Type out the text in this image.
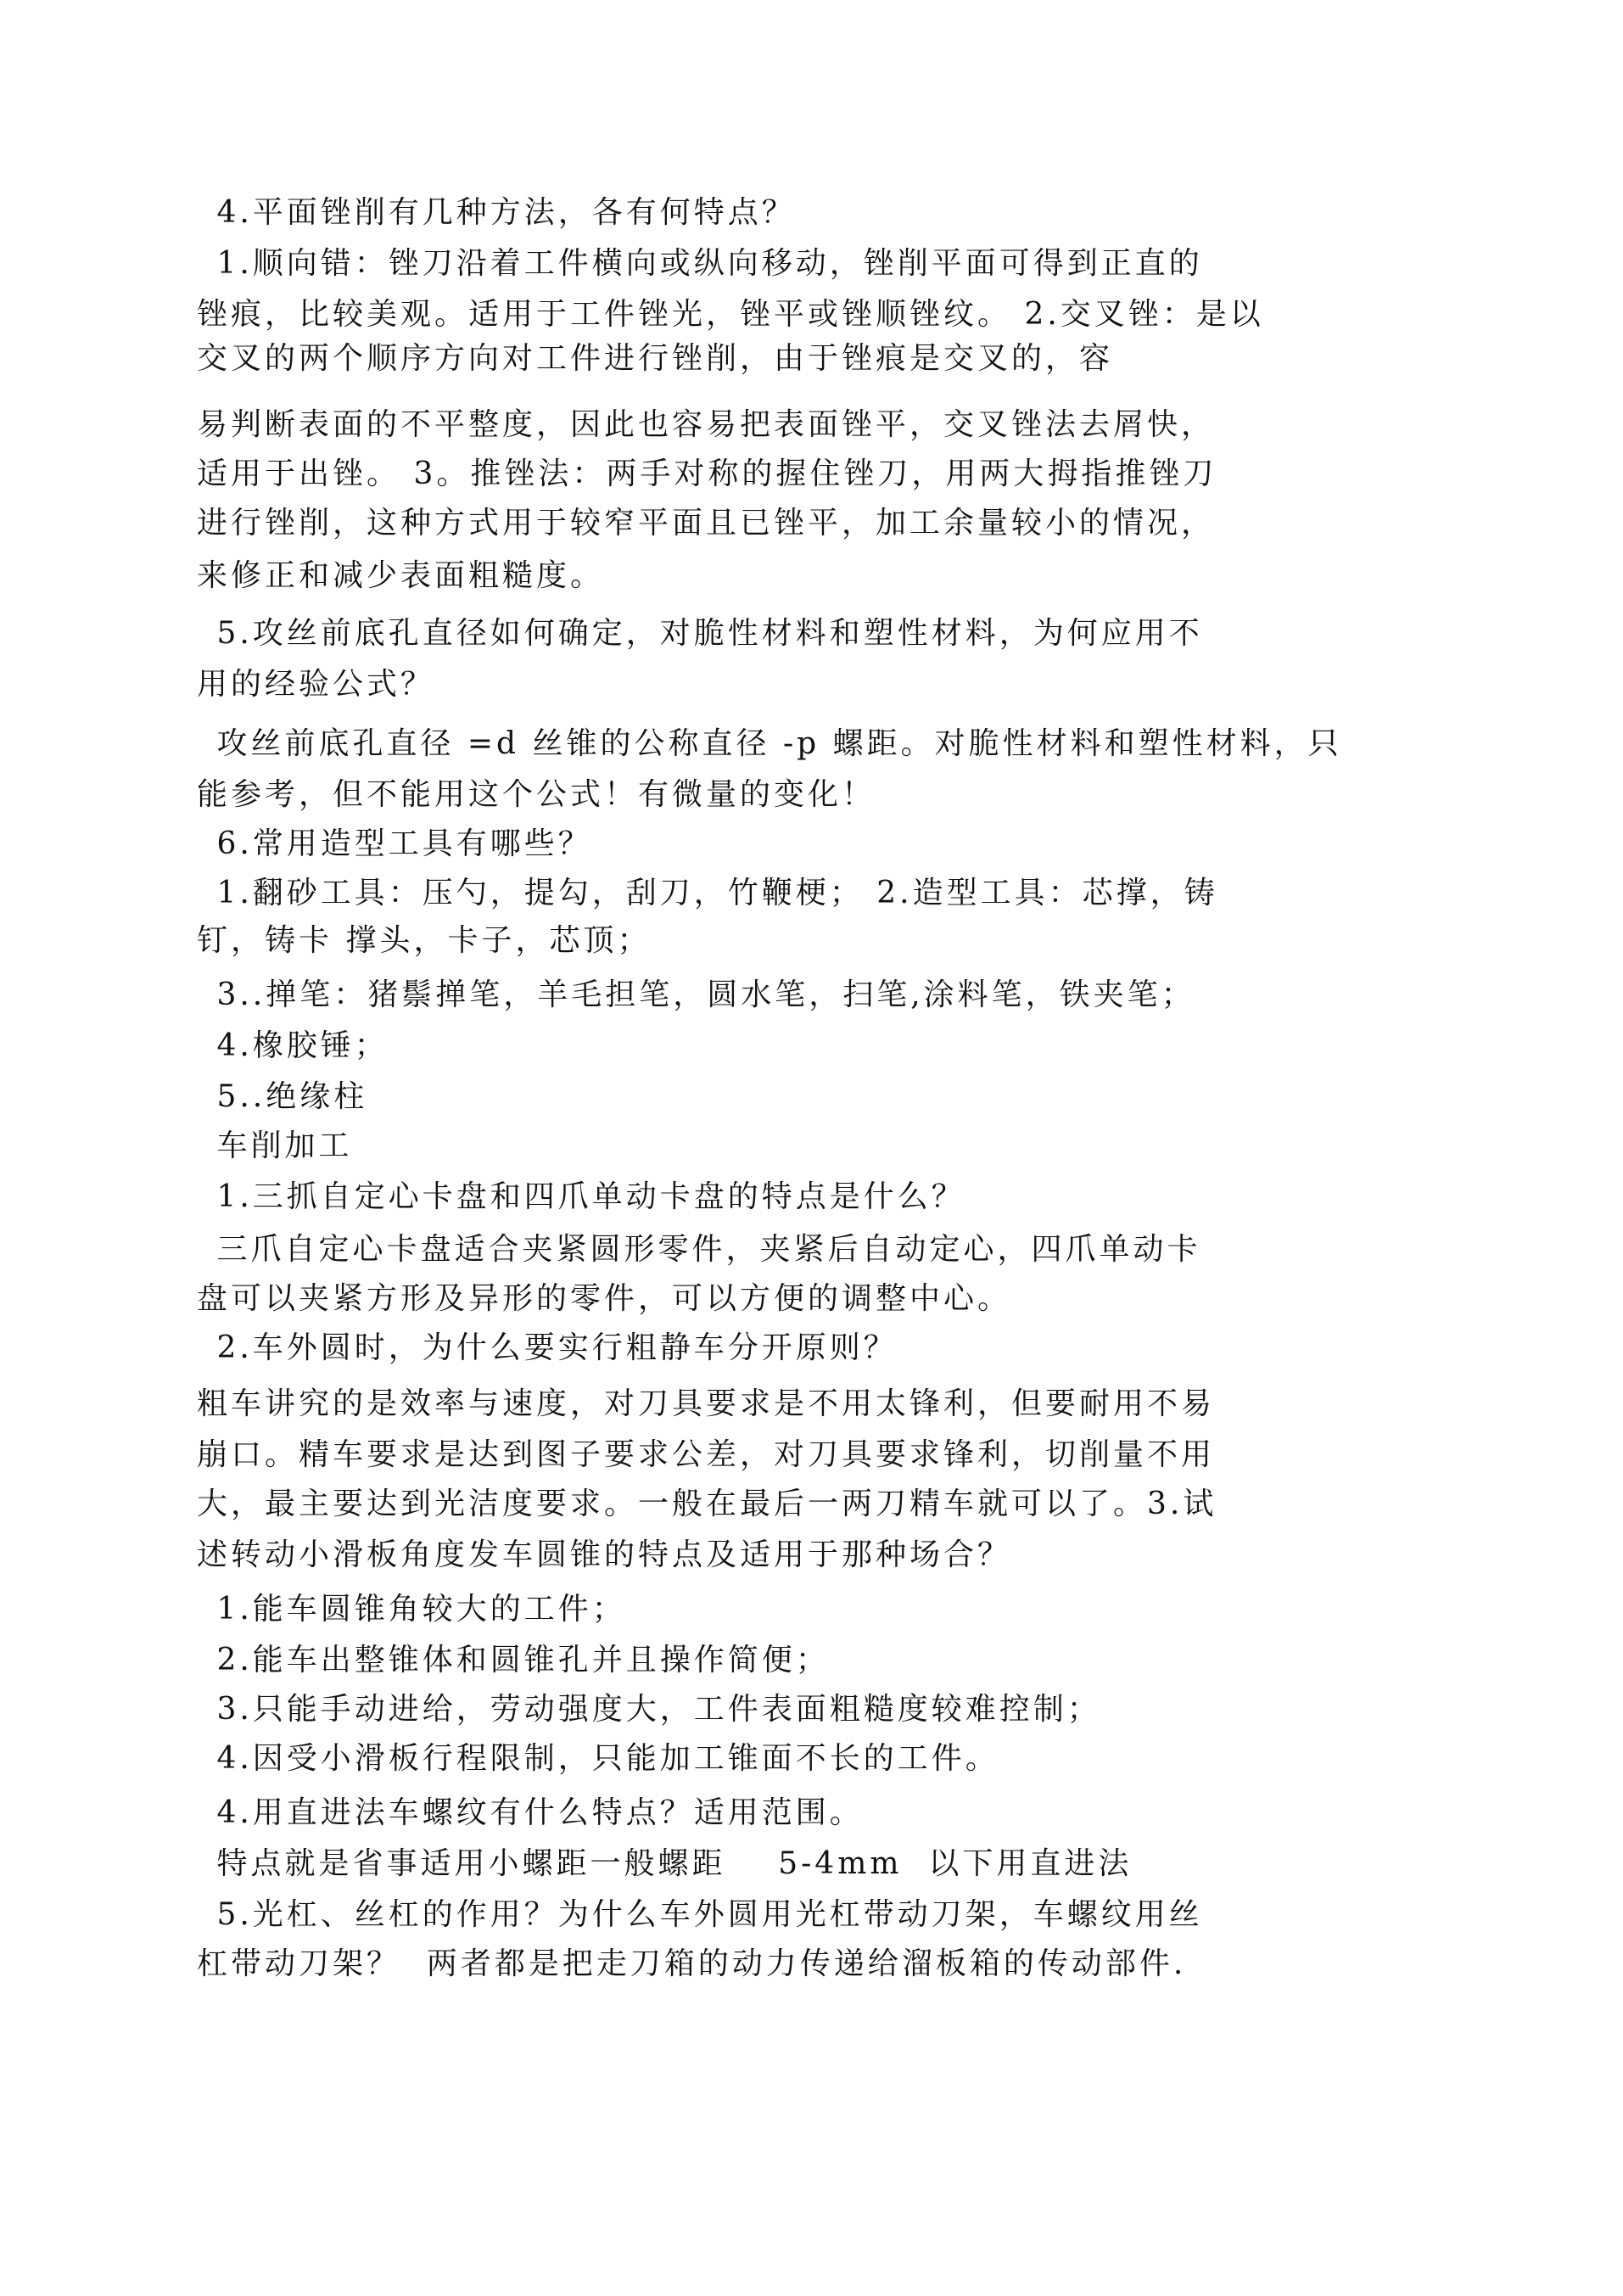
4.平面锉削有几种方法，各有何特点？
1.顺向错：锉刀沿着工件横向或纵向移动，锉削平面可得到正直的
锉痕，比较美观。适用于工件锉光，锉平或锉顺锉纹。 2.交叉锉：是以
交叉的两个顺序方向对工件进行锉削，由于锉痕是交叉的，容
易判断表面的不平整度，因此也容易把表面锉平，交叉锉法去屑快，
适用于出锉。 3。推锉法：两手对称的握住锉刀，用两大拇指推锉刀
进行锉削，这种方式用于较窄平面且已锉平，加工余量较小的情况，
来修正和减少表面粗糙度。
5.攻丝前底孔直径如何确定，对脆性材料和塑性材料，为何应用不
用的经验公式？
攻丝前底孔直径 =d 丝锥的公称直径 -p 螺距。对脆性材料和塑性材料，只
能参考，但不能用这个公式！有微量的变化！
6.常用造型工具有哪些？
1.翻砂工具：压勺，提勾，刮刀，竹鞭梗； 2.造型工具：芯撑，铸
钉，铸卡 撑头，卡子，芯顶；
3..掸笔：猪鬃掸笔，羊毛担笔，圆水笔，扫笔,涂料笔，铁夹笔；
4.橡胶锤；
5..绝缘柱
车削加工
1.三抓自定心卡盘和四爪单动卡盘的特点是什么？
三爪自定心卡盘适合夹紧圆形零件，夹紧后自动定心，四爪单动卡
盘可以夹紧方形及异形的零件，可以方便的调整中心。
2.车外圆时，为什么要实行粗静车分开原则？
粗车讲究的是效率与速度，对刀具要求是不用太锋利，但要耐用不易
崩口。精车要求是达到图子要求公差，对刀具要求锋利，切削量不用
大，最主要达到光洁度要求。一般在最后一两刀精车就可以了。3.试
述转动小滑板角度发车圆锥的特点及适用于那种场合？
1.能车圆锥角较大的工件；
2.能车出整锥体和圆锥孔并且操作简便；
3.只能手动进给，劳动强度大，工件表面粗糙度较难控制；
4.因受小滑板行程限制，只能加工锥面不长的工件。
4.用直进法车螺纹有什么特点？适用范围。
特点就是省事适用小螺距一般螺距    5-4mm  以下用直进法
5.光杠、丝杠的作用？为什么车外圆用光杠带动刀架，车螺纹用丝
杠带动刀架？  两者都是把走刀箱的动力传递给溜板箱的传动部件.
